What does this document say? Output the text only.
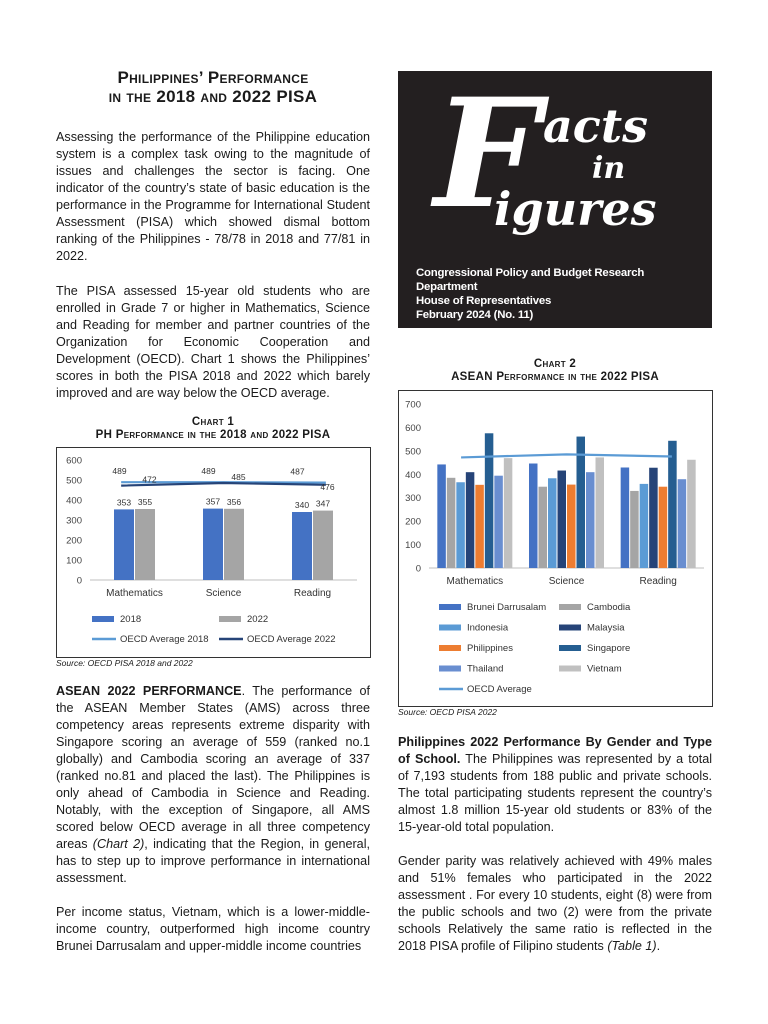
Philippines’ Performance
in the 2018 and 2022 PISA
Assessing the performance of the Philippine education system is a complex task owing to the magnitude of issues and challenges the sector is facing. One indicator of the country’s state of basic education is the performance in the Programme for International Student Assessment (PISA) which showed dismal bottom ranking of the Philippines - 78/78 in 2018 and 77/81 in 2022.
The PISA assessed 15-year old students who are enrolled in Grade 7 or higher in Mathematics, Science and Reading for member and partner countries of the Organization for Economic Cooperation and Development (OECD). Chart 1 shows the Philippines’ scores in both the PISA 2018 and 2022 which barely improved and are way below the OECD average.
Chart 1
PH Performance in the 2018 and 2022 PISA
0
100
200
300
400
500
600
353 355
Mathematics
357 356
Science
340 347
Reading
489
472
489
485
487
476
2018	2022
OECD Average 2018	OECD Average 2022
Source: OECD PISA 2018 and 2022
ASEAN 2022 PERFORMANCE. The performance of the ASEAN Member States (AMS) across three competency areas represents extreme disparity with Singapore scoring an average of 559 (ranked no.1 globally) and Cambodia scoring an average of 337 (ranked no.81 and placed the last). The Philippines is only ahead of Cambodia in Science and Reading. Notably, with the exception of Singapore, all AMS scored below OECD average in all three competency areas (Chart 2), indicating that the Region, in general, has to step up to improve performance in international assessment.
Per income status, Vietnam, which is a lower-middle-income country, outperformed high income country Brunei Darrusalam and upper-middle income countries
F acts
in
igures
Congressional Policy and Budget Research Department
House of Representatives
February 2024 (No. 11)
Chart 2
ASEAN Performance in the 2022 PISA
0
100
200
300
400
500
600
700
Mathematics	Science	Reading
Brunei Darrusalam	Cambodia
Indonesia	Malaysia
Philippines	Singapore
Thailand	Vietnam
OECD Average
Source: OECD PISA 2022
Philippines 2022 Performance By Gender and Type of School. The Philippines was represented by a total of 7,193 students from 188 public and private schools. The total participating students represent the country’s almost 1.8 million 15-year old students or 83% of the 15-year-old total population.
Gender parity was relatively achieved with 49% males and 51% females who participated in the 2022 assessment . For every 10 students, eight (8) were from the public schools and two (2) were from the private schools Relatively the same ratio is reflected in the 2018 PISA profile of Filipino students (Table 1).
